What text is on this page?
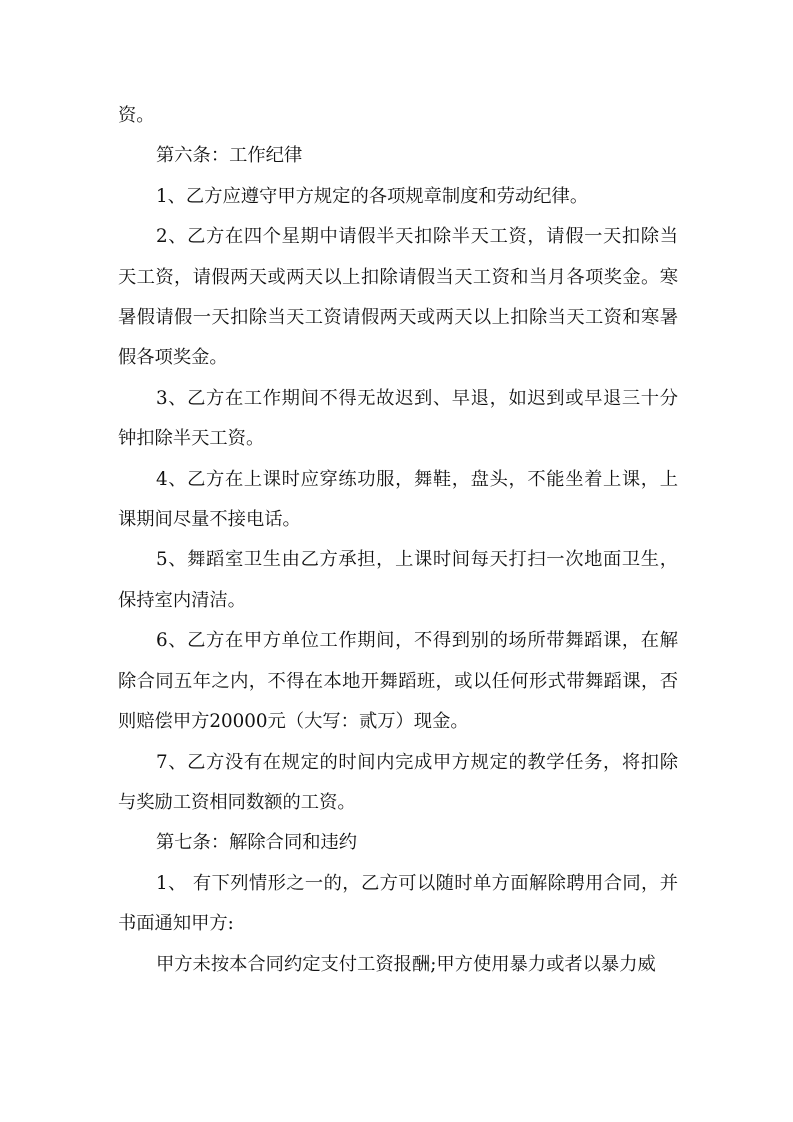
资。

第六条：工作纪律

1、乙方应遵守甲方规定的各项规章制度和劳动纪律。

2、乙方在四个星期中请假半天扣除半天工资，请假一天扣除当天工资，请假两天或两天以上扣除请假当天工资和当月各项奖金。寒暑假请假一天扣除当天工资请假两天或两天以上扣除当天工资和寒暑假各项奖金。

3、乙方在工作期间不得无故迟到、早退，如迟到或早退三十分钟扣除半天工资。

4、乙方在上课时应穿练功服，舞鞋，盘头，不能坐着上课，上课期间尽量不接电话。

5、舞蹈室卫生由乙方承担，上课时间每天打扫一次地面卫生，保持室内清洁。

6、乙方在甲方单位工作期间，不得到别的场所带舞蹈课，在解除合同五年之内，不得在本地开舞蹈班，或以任何形式带舞蹈课，否则赔偿甲方20000元（大写：贰万）现金。

7、乙方没有在规定的时间内完成甲方规定的教学任务，将扣除与奖励工资相同数额的工资。

第七条：解除合同和违约

1、 有下列情形之一的，乙方可以随时单方面解除聘用合同，并书面通知甲方:

甲方未按本合同约定支付工资报酬;甲方使用暴力或者以暴力威
